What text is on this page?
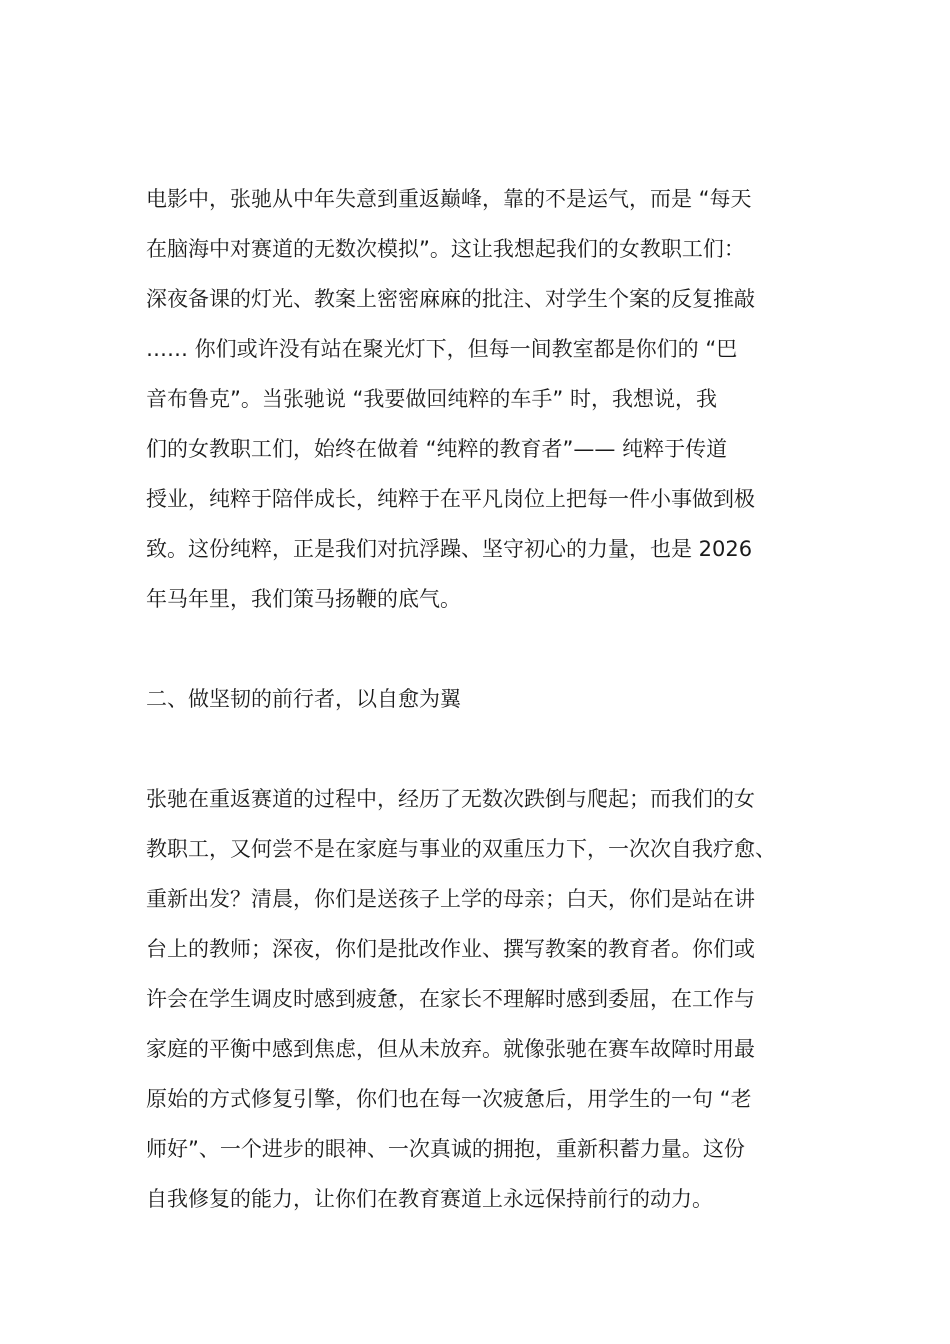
电影中，张驰从中年失意到重返巅峰，靠的不是运气，而是 “每天
在脑海中对赛道的无数次模拟”。这让我想起我们的女教职工们：
深夜备课的灯光、教案上密密麻麻的批注、对学生个案的反复推敲
…… 你们或许没有站在聚光灯下，但每一间教室都是你们的 “巴
音布鲁克”。当张驰说 “我要做回纯粹的车手” 时，我想说，我
们的女教职工们，始终在做着 “纯粹的教育者”—— 纯粹于传道
授业，纯粹于陪伴成长，纯粹于在平凡岗位上把每一件小事做到极
致。这份纯粹，正是我们对抗浮躁、坚守初心的力量，也是 2026
年马年里，我们策马扬鞭的底气。
二、做坚韧的前行者，以自愈为翼
张驰在重返赛道的过程中，经历了无数次跌倒与爬起；而我们的女
教职工，又何尝不是在家庭与事业的双重压力下，一次次自我疗愈、
重新出发？清晨，你们是送孩子上学的母亲；白天，你们是站在讲
台上的教师；深夜，你们是批改作业、撰写教案的教育者。你们或
许会在学生调皮时感到疲惫，在家长不理解时感到委屈，在工作与
家庭的平衡中感到焦虑，但从未放弃。就像张驰在赛车故障时用最
原始的方式修复引擎，你们也在每一次疲惫后，用学生的一句 “老
师好”、一个进步的眼神、一次真诚的拥抱，重新积蓄力量。这份
自我修复的能力，让你们在教育赛道上永远保持前行的动力。
